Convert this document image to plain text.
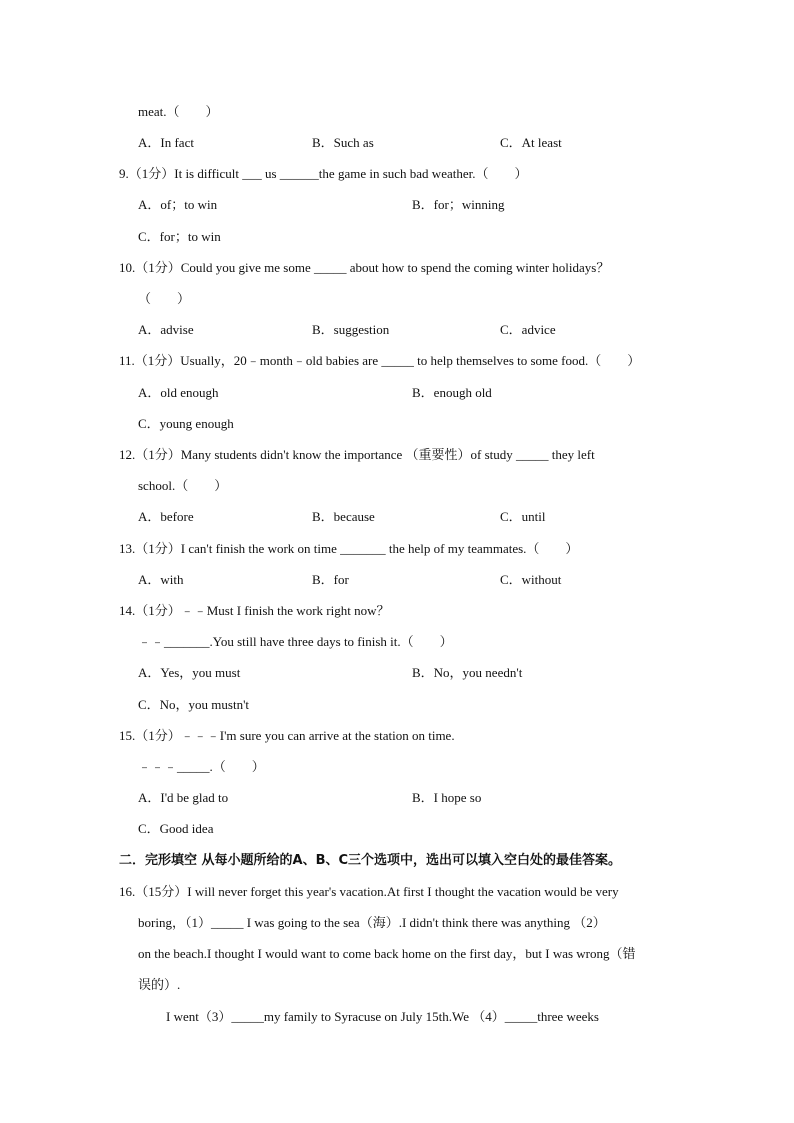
meat.（　　）
A．In fact	B．Such as	C．At least
9.（1分）It is difficult ___ us ______the game in such bad weather.（　　）
A．of；to win	B．for；winning
C．for；to win
10.（1分）Could you give me some _____ about how to spend the coming winter holidays？
（　　）
A．advise	B．suggestion	C．advice
11.（1分）Usually，20﹣month﹣old babies are _____ to help themselves to some food.（　　）
A．old enough	B．enough old
C．young enough
12.（1分）Many students didn't know the importance （重要性）of study _____ they left
school.（　　）
A．before	B．because	C．until
13.（1分）I can't finish the work on time _______ the help of my teammates.（　　）
A．with	B．for	C．without
14.（1分）﹣﹣Must I finish the work right now？
﹣﹣_______.You still have three days to finish it.（　　）
A．Yes，you must	B．No，you needn't
C．No，you mustn't
15.（1分）﹣﹣﹣I'm sure you can arrive at the station on time.
﹣﹣﹣_____.（　　）
A．I'd be glad to	B．I hope so
C．Good idea
二．完形填空 从每小题所给的A、B、C三个选项中，选出可以填入空白处的最佳答案。
16.（15分）I will never forget this year's vacation.At first I thought the vacation would be very
boring，（1）_____ I was going to the sea（海）.I didn't think there was anything （2）
on the beach.I thought I would want to come back home on the first day，but I was wrong（错
误的）.
I went（3）_____my family to Syracuse on July 15th.We （4）_____three weeks
